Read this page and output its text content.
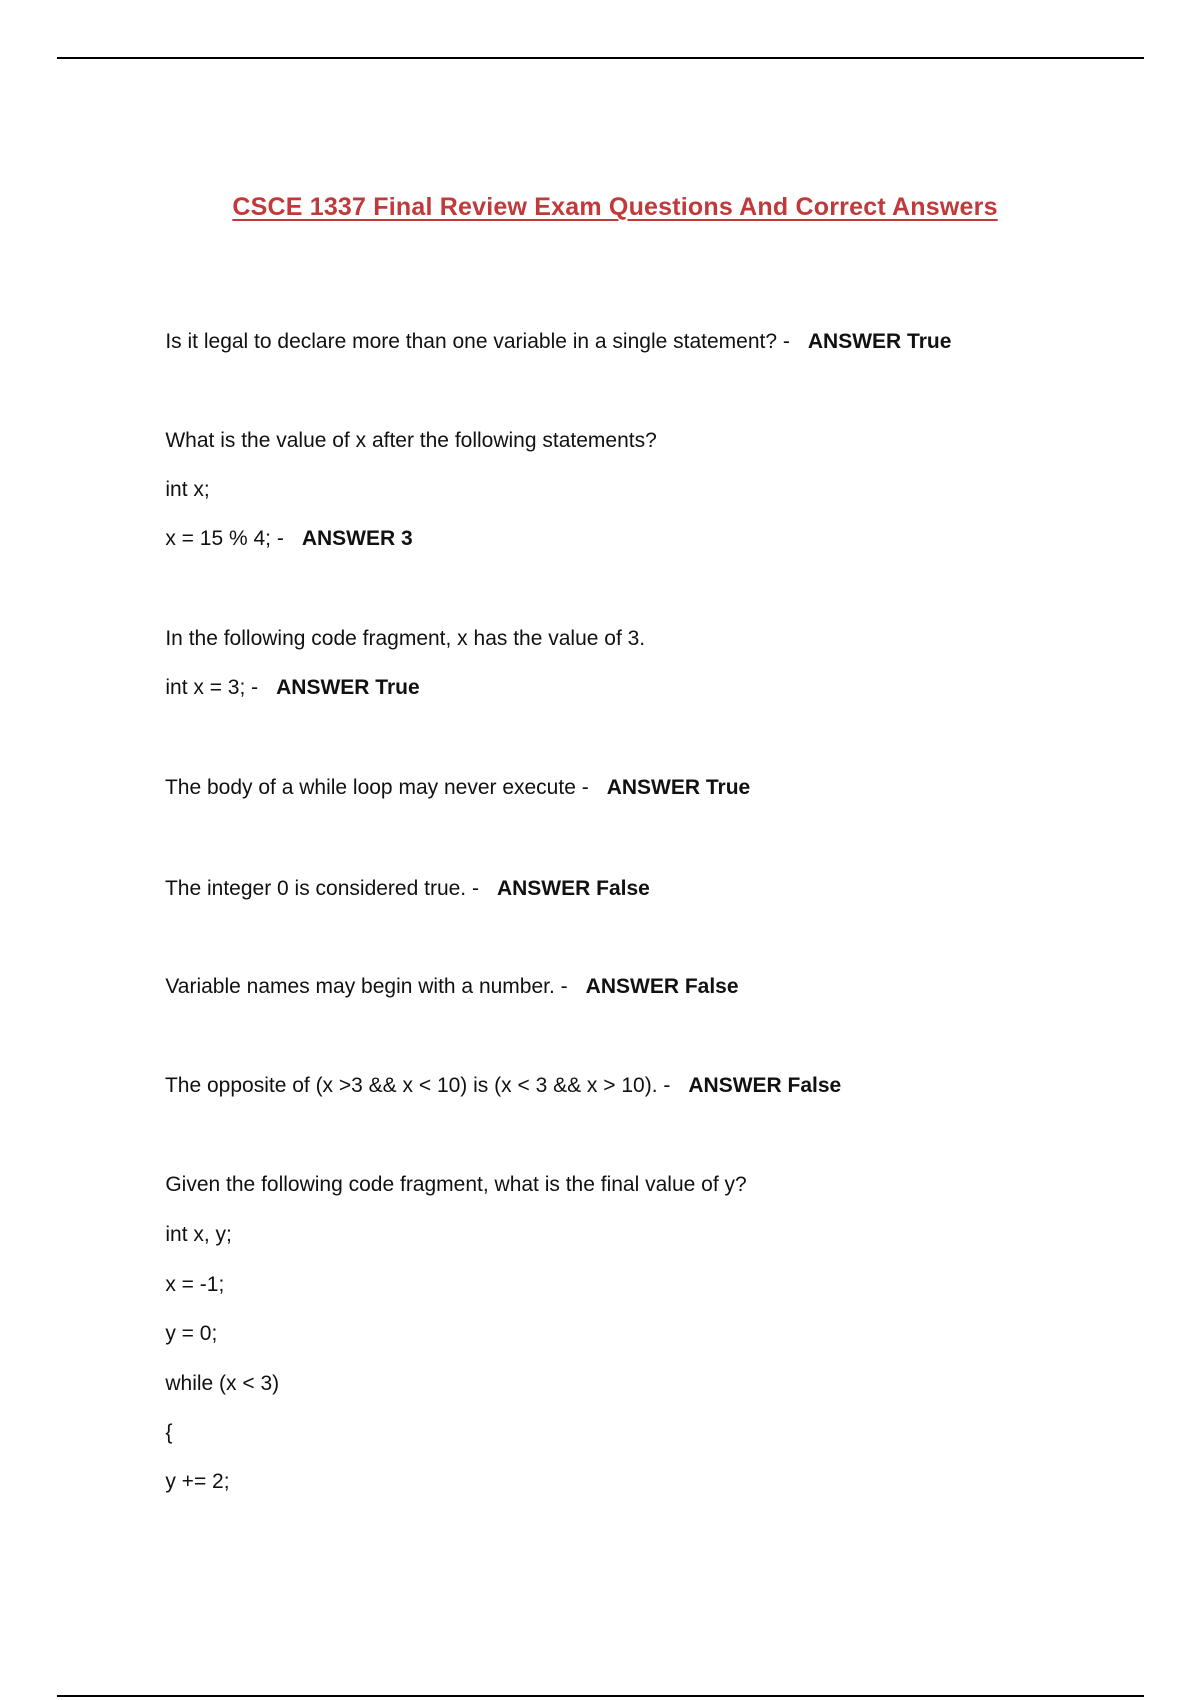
CSCE 1337 Final Review Exam Questions And Correct Answers

Is it legal to declare more than one variable in a single statement? - ANSWER True

What is the value of x after the following statements?

int x;

x = 15 % 4; - ANSWER 3

In the following code fragment, x has the value of 3.

int x = 3; - ANSWER True

The body of a while loop may never execute - ANSWER True

The integer 0 is considered true. - ANSWER False

Variable names may begin with a number. - ANSWER False

The opposite of (x >3 && x < 10) is (x < 3 && x > 10). - ANSWER False

Given the following code fragment, what is the final value of y?

int x, y;

x = -1;

y = 0;

while (x < 3)

{

y += 2;
